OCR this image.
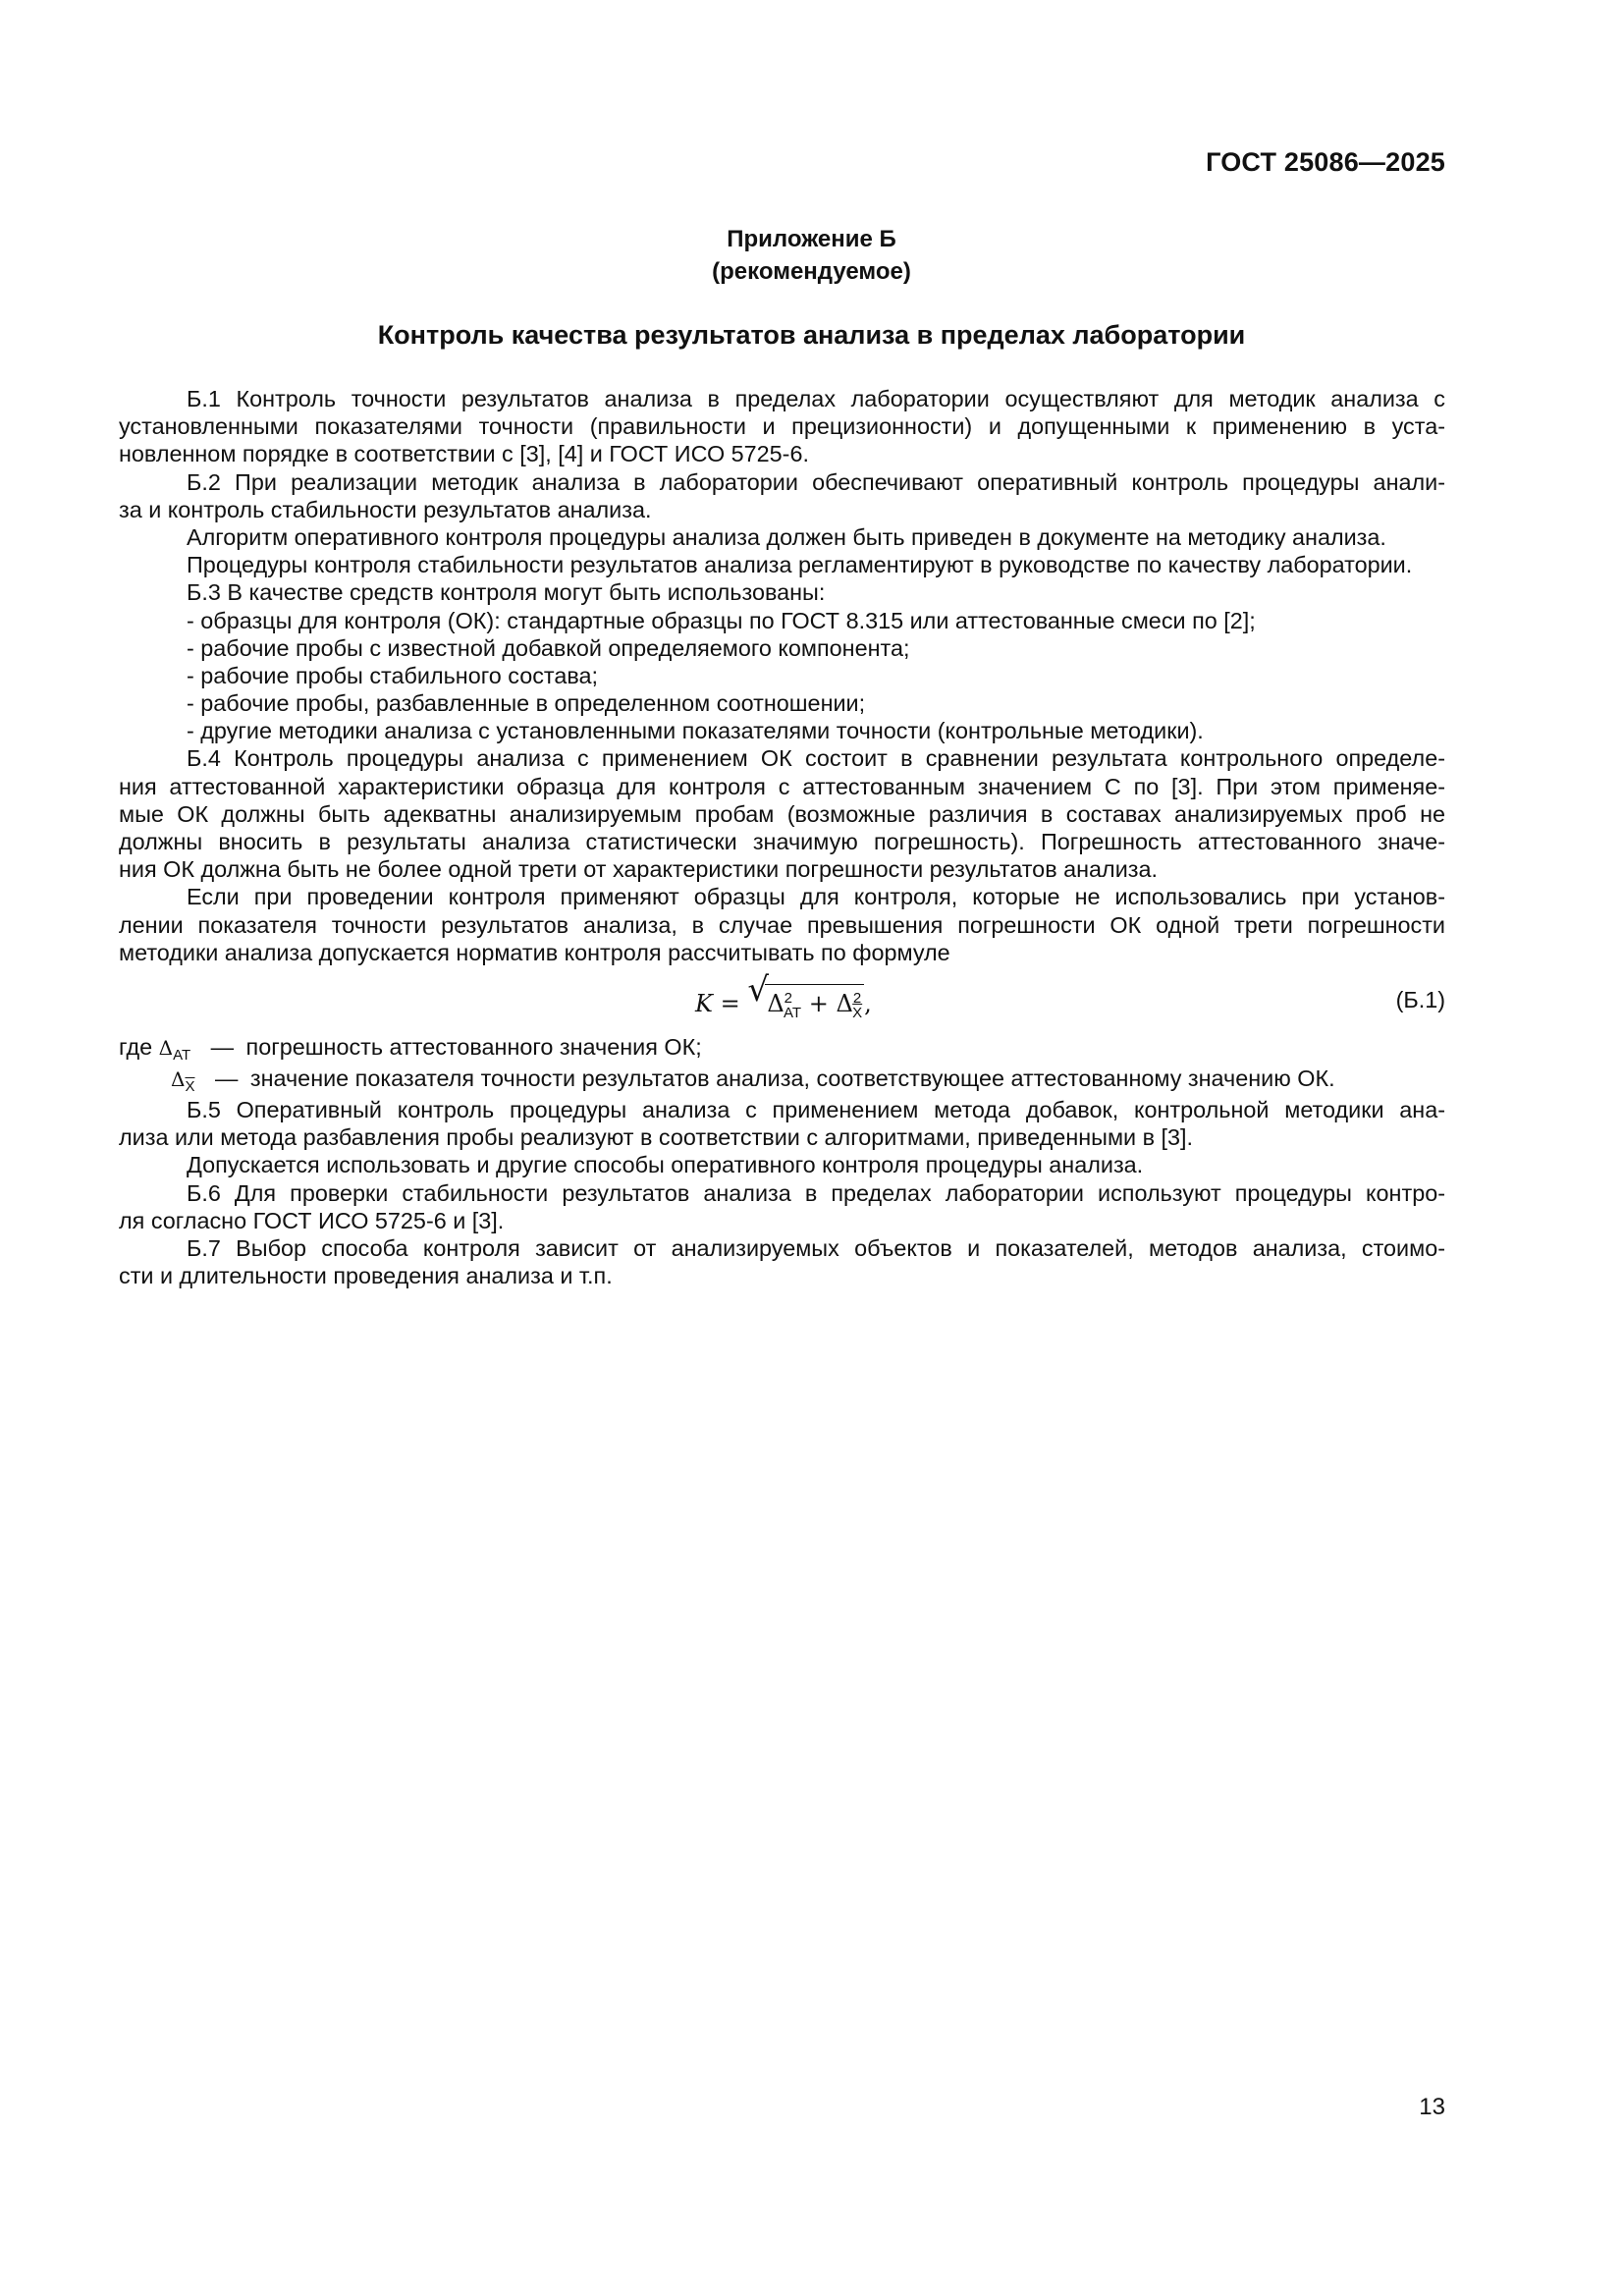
ГОСТ 25086—2025
Приложение Б
(рекомендуемое)
Контроль качества результатов анализа в пределах лаборатории
Б.1 Контроль точности результатов анализа в пределах лаборатории осуществляют для методик анализа с
установленными показателями точности (правильности и прецизионности) и допущенными к применению в уста-
новленном порядке в соответствии с [3], [4] и ГОСТ ИСО 5725-6.
Б.2 При реализации методик анализа в лаборатории обеспечивают оперативный контроль процедуры анали-
за и контроль стабильности результатов анализа.
Алгоритм оперативного контроля процедуры анализа должен быть приведен в документе на методику анализа.
Процедуры контроля стабильности результатов анализа регламентируют в руководстве по качеству лаборатории.
Б.3 В качестве средств контроля могут быть использованы:
- образцы для контроля (ОК): стандартные образцы по ГОСТ 8.315 или аттестованные смеси по [2];
- рабочие пробы с известной добавкой определяемого компонента;
- рабочие пробы стабильного состава;
- рабочие пробы, разбавленные в определенном соотношении;
- другие методики анализа с установленными показателями точности (контрольные методики).
Б.4 Контроль процедуры анализа с применением ОК состоит в сравнении результата контрольного определе-
ния аттестованной характеристики образца для контроля с аттестованным значением С по [3]. При этом применяе-
мые ОК должны быть адекватны анализируемым пробам (возможные различия в составах анализируемых проб не
должны вносить в результаты анализа статистически значимую погрешность). Погрешность аттестованного значе-
ния ОК должна быть не более одной трети от характеристики погрешности результатов анализа.
Если при проведении контроля применяют образцы для контроля, которые не использовались при установ-
лении показателя точности результатов анализа, в случае превышения погрешности ОК одной трети погрешности
методики анализа допускается норматив контроля рассчитывать по формуле
K = √
$\Delta^2_{AT} + \Delta^2_{\overline{X}}$,	(Б.1)
где $\Delta_{AT}$ — погрешность аттестованного значения ОК;
$\Delta_{\overline{X}}$ — значение показателя точности результатов анализа, соответствующее аттестованному значению ОК.
Б.5 Оперативный контроль процедуры анализа с применением метода добавок, контрольной методики ана-
лиза или метода разбавления пробы реализуют в соответствии с алгоритмами, приведенными в [3].
Допускается использовать и другие способы оперативного контроля процедуры анализа.
Б.6 Для проверки стабильности результатов анализа в пределах лаборатории используют процедуры контро-
ля согласно ГОСТ ИСО 5725-6 и [3].
Б.7 Выбор способа контроля зависит от анализируемых объектов и показателей, методов анализа, стоимо-
сти и длительности проведения анализа и т.п.
13
